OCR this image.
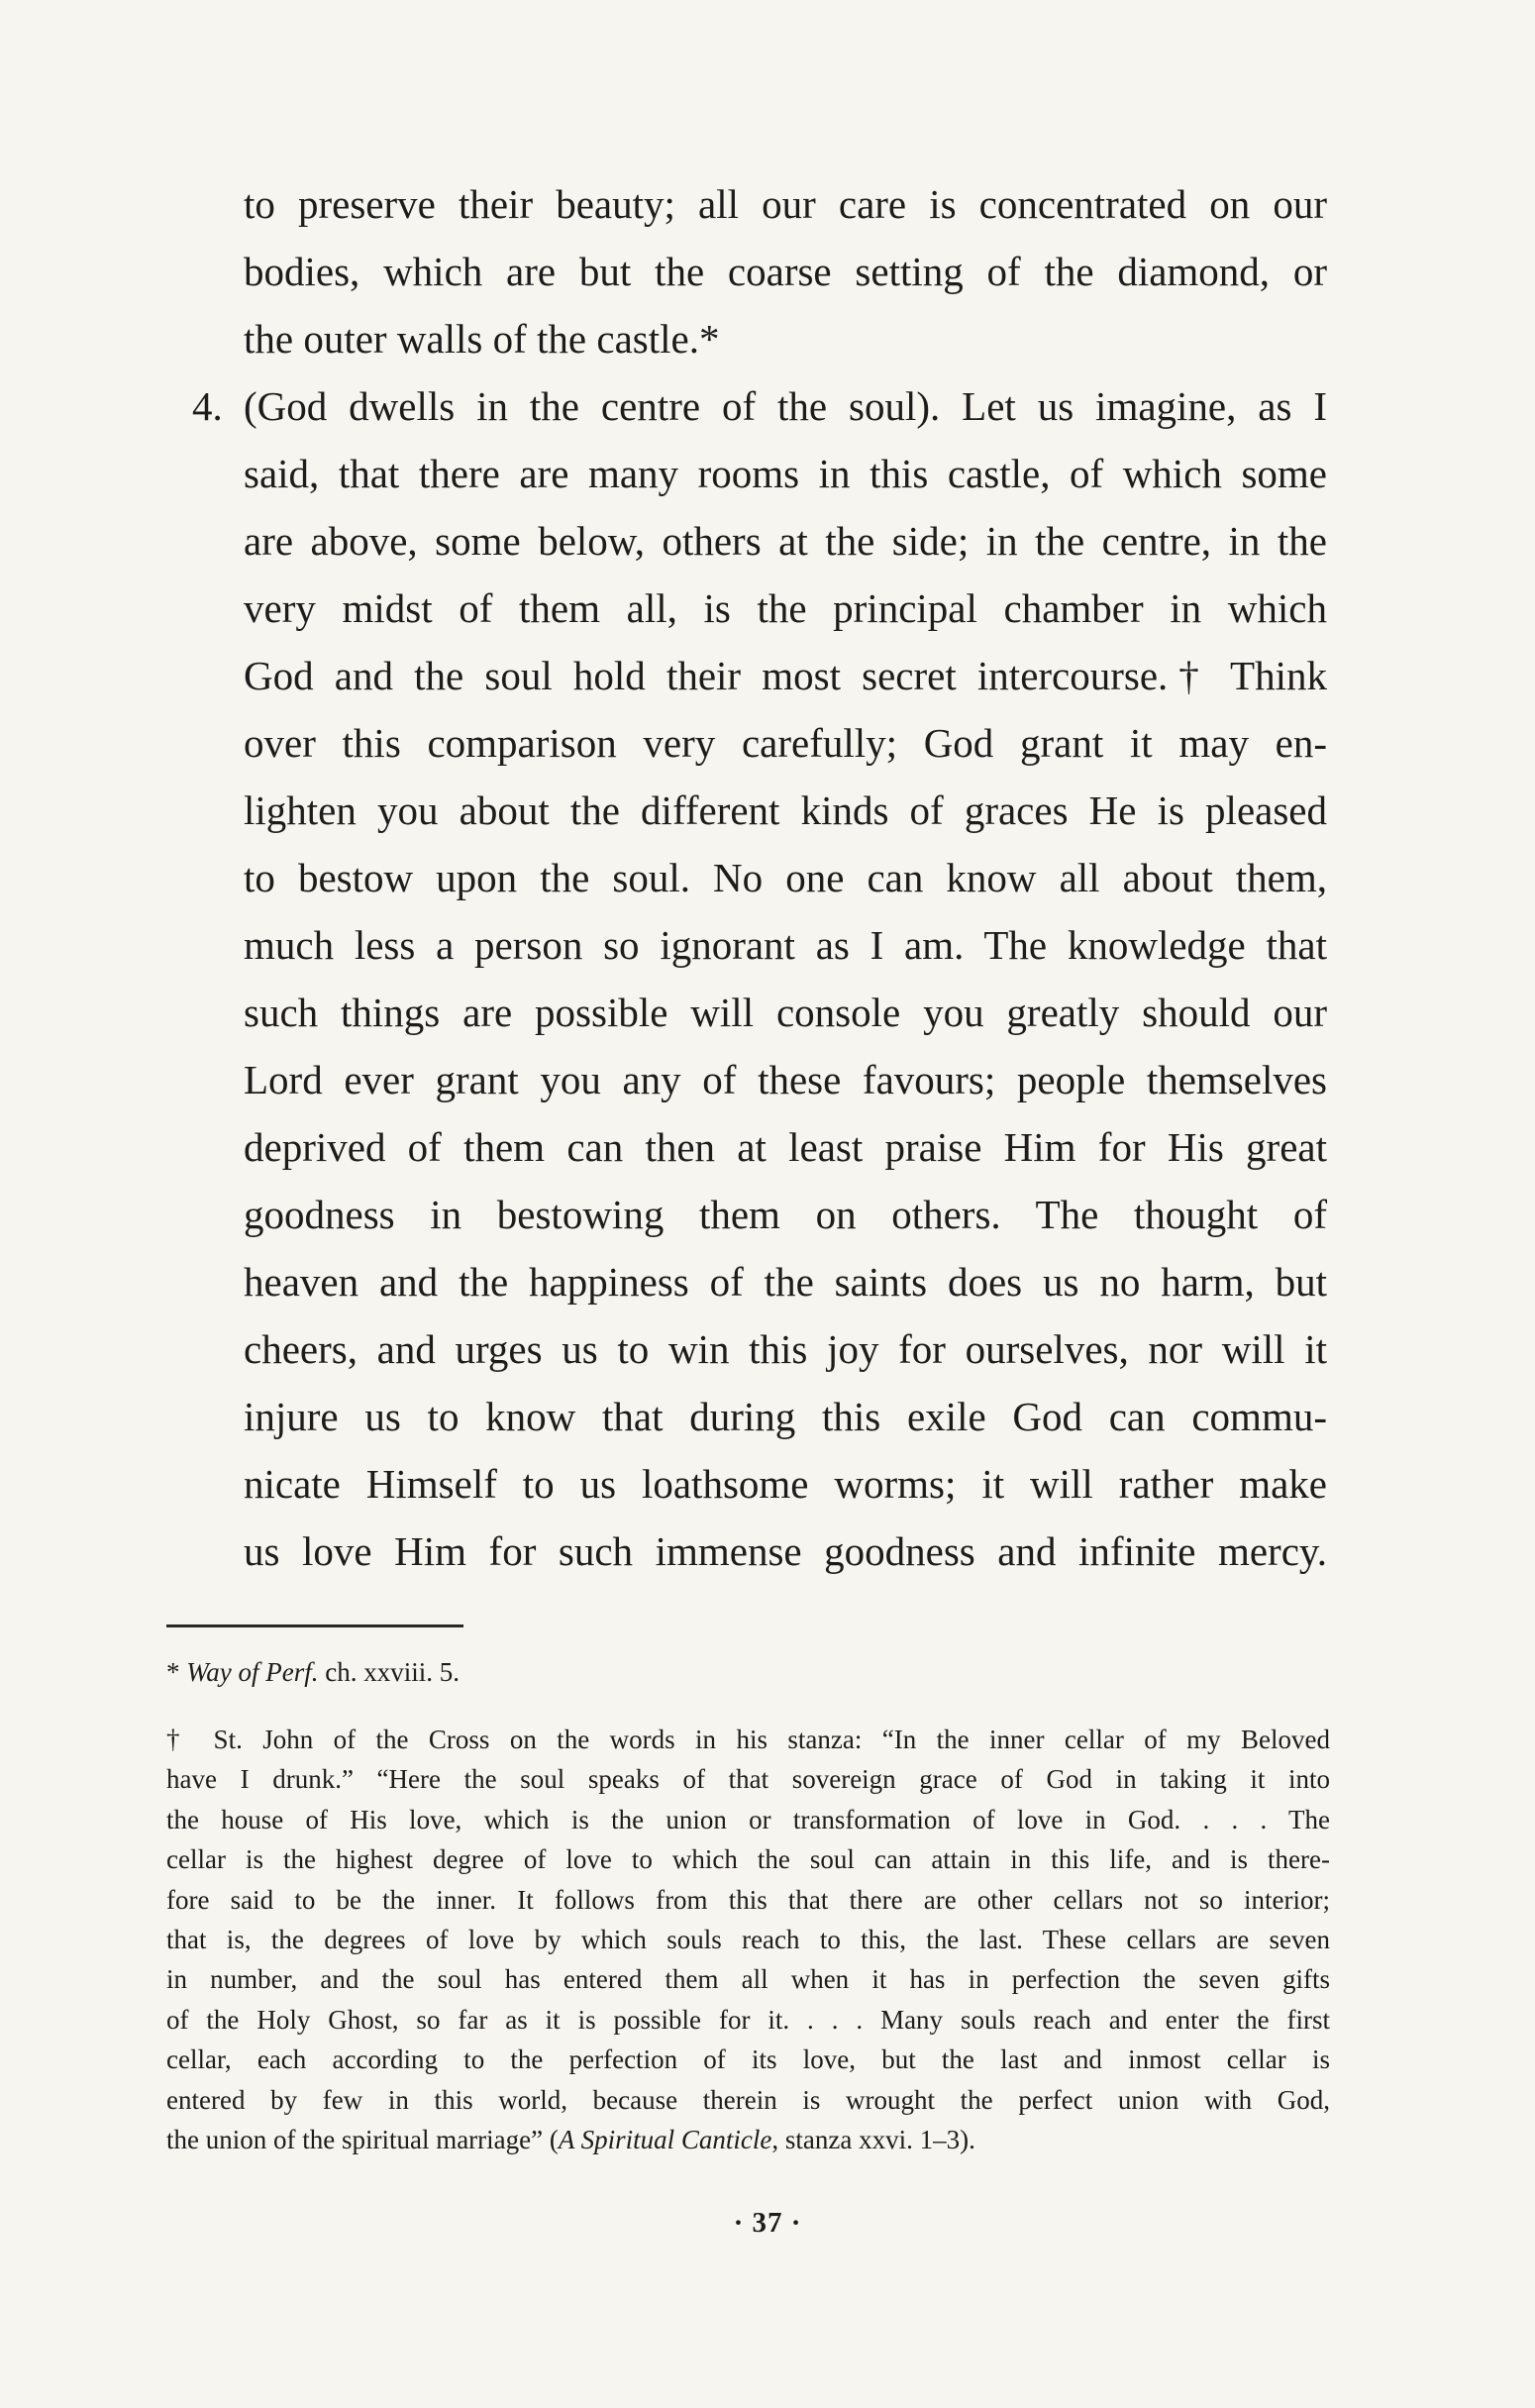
to preserve their beauty; all our care is concentrated on our
bodies, which are but the coarse setting of the diamond, or
the outer walls of the castle.*
4. (God dwells in the centre of the soul). Let us imagine, as I
said, that there are many rooms in this castle, of which some
are above, some below, others at the side; in the centre, in the
very midst of them all, is the principal chamber in which
God and the soul hold their most secret intercourse.† Think
over this comparison very carefully; God grant it may en-
lighten you about the different kinds of graces He is pleased
to bestow upon the soul. No one can know all about them,
much less a person so ignorant as I am. The knowledge that
such things are possible will console you greatly should our
Lord ever grant you any of these favours; people themselves
deprived of them can then at least praise Him for His great
goodness in bestowing them on others. The thought of
heaven and the happiness of the saints does us no harm, but
cheers, and urges us to win this joy for ourselves, nor will it
injure us to know that during this exile God can commu-
nicate Himself to us loathsome worms; it will rather make
us love Him for such immense goodness and infinite mercy.
* Way of Perf. ch. xxviii. 5.
† St. John of the Cross on the words in his stanza: “In the inner cellar of my Beloved
have I drunk.” “Here the soul speaks of that sovereign grace of God in taking it into
the house of His love, which is the union or transformation of love in God. . . . The
cellar is the highest degree of love to which the soul can attain in this life, and is there-
fore said to be the inner. It follows from this that there are other cellars not so interior;
that is, the degrees of love by which souls reach to this, the last. These cellars are seven
in number, and the soul has entered them all when it has in perfection the seven gifts
of the Holy Ghost, so far as it is possible for it. . . . Many souls reach and enter the first
cellar, each according to the perfection of its love, but the last and inmost cellar is
entered by few in this world, because therein is wrought the perfect union with God,
the union of the spiritual marriage” (A Spiritual Canticle, stanza xxvi. 1–3).
· 37 ·
